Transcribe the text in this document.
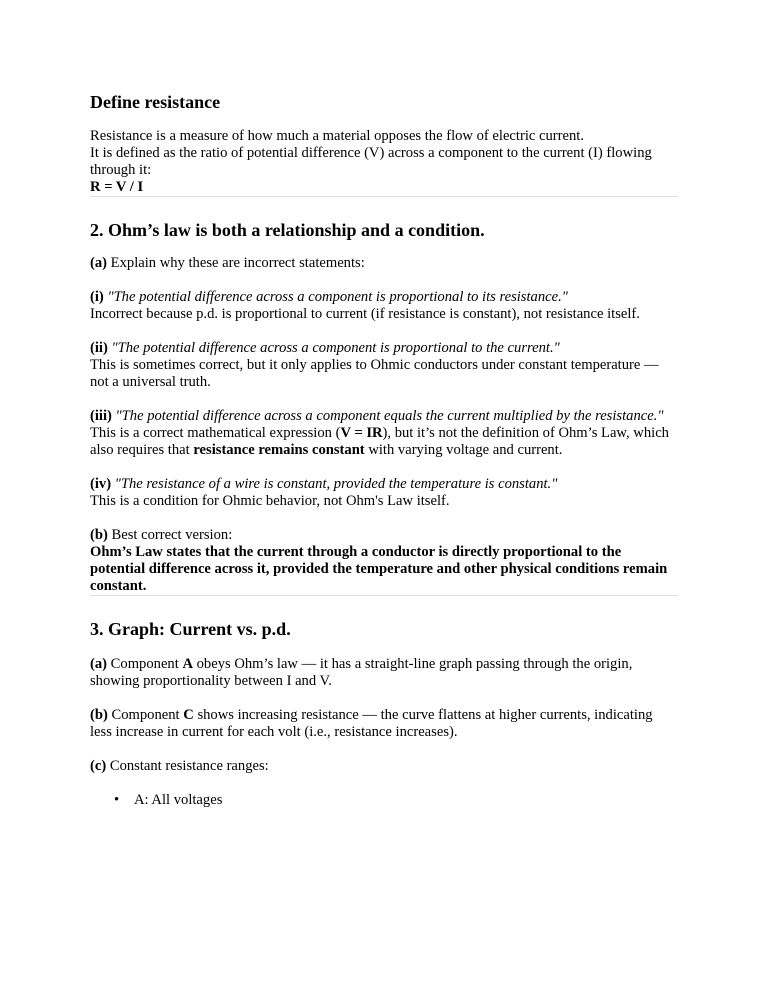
Define resistance

Resistance is a measure of how much a material opposes the flow of electric current.

It is defined as the ratio of potential difference (V) across a component to the current (I) flowing through it:

R = V / I

2. Ohm’s law is both a relationship and a condition.

(a) Explain why these are incorrect statements:

(i) "The potential difference across a component is proportional to its resistance."

Incorrect because p.d. is proportional to current (if resistance is constant), not resistance itself.

(ii) "The potential difference across a component is proportional to the current."

This is sometimes correct, but it only applies to Ohmic conductors under constant temperature — not a universal truth.

(iii) "The potential difference across a component equals the current multiplied by the resistance."

This is a correct mathematical expression (V = IR), but it’s not the definition of Ohm’s Law, which also requires that resistance remains constant with varying voltage and current.

(iv) "The resistance of a wire is constant, provided the temperature is constant."

This is a condition for Ohmic behavior, not Ohm's Law itself.

(b) Best correct version:

Ohm’s Law states that the current through a conductor is directly proportional to the potential difference across it, provided the temperature and other physical conditions remain constant.

3. Graph: Current vs. p.d.

(a) Component A obeys Ohm’s law — it has a straight-line graph passing through the origin, showing proportionality between I and V.

(b) Component C shows increasing resistance — the curve flattens at higher currents, indicating less increase in current for each volt (i.e., resistance increases).

(c) Constant resistance ranges:

• A: All voltages
